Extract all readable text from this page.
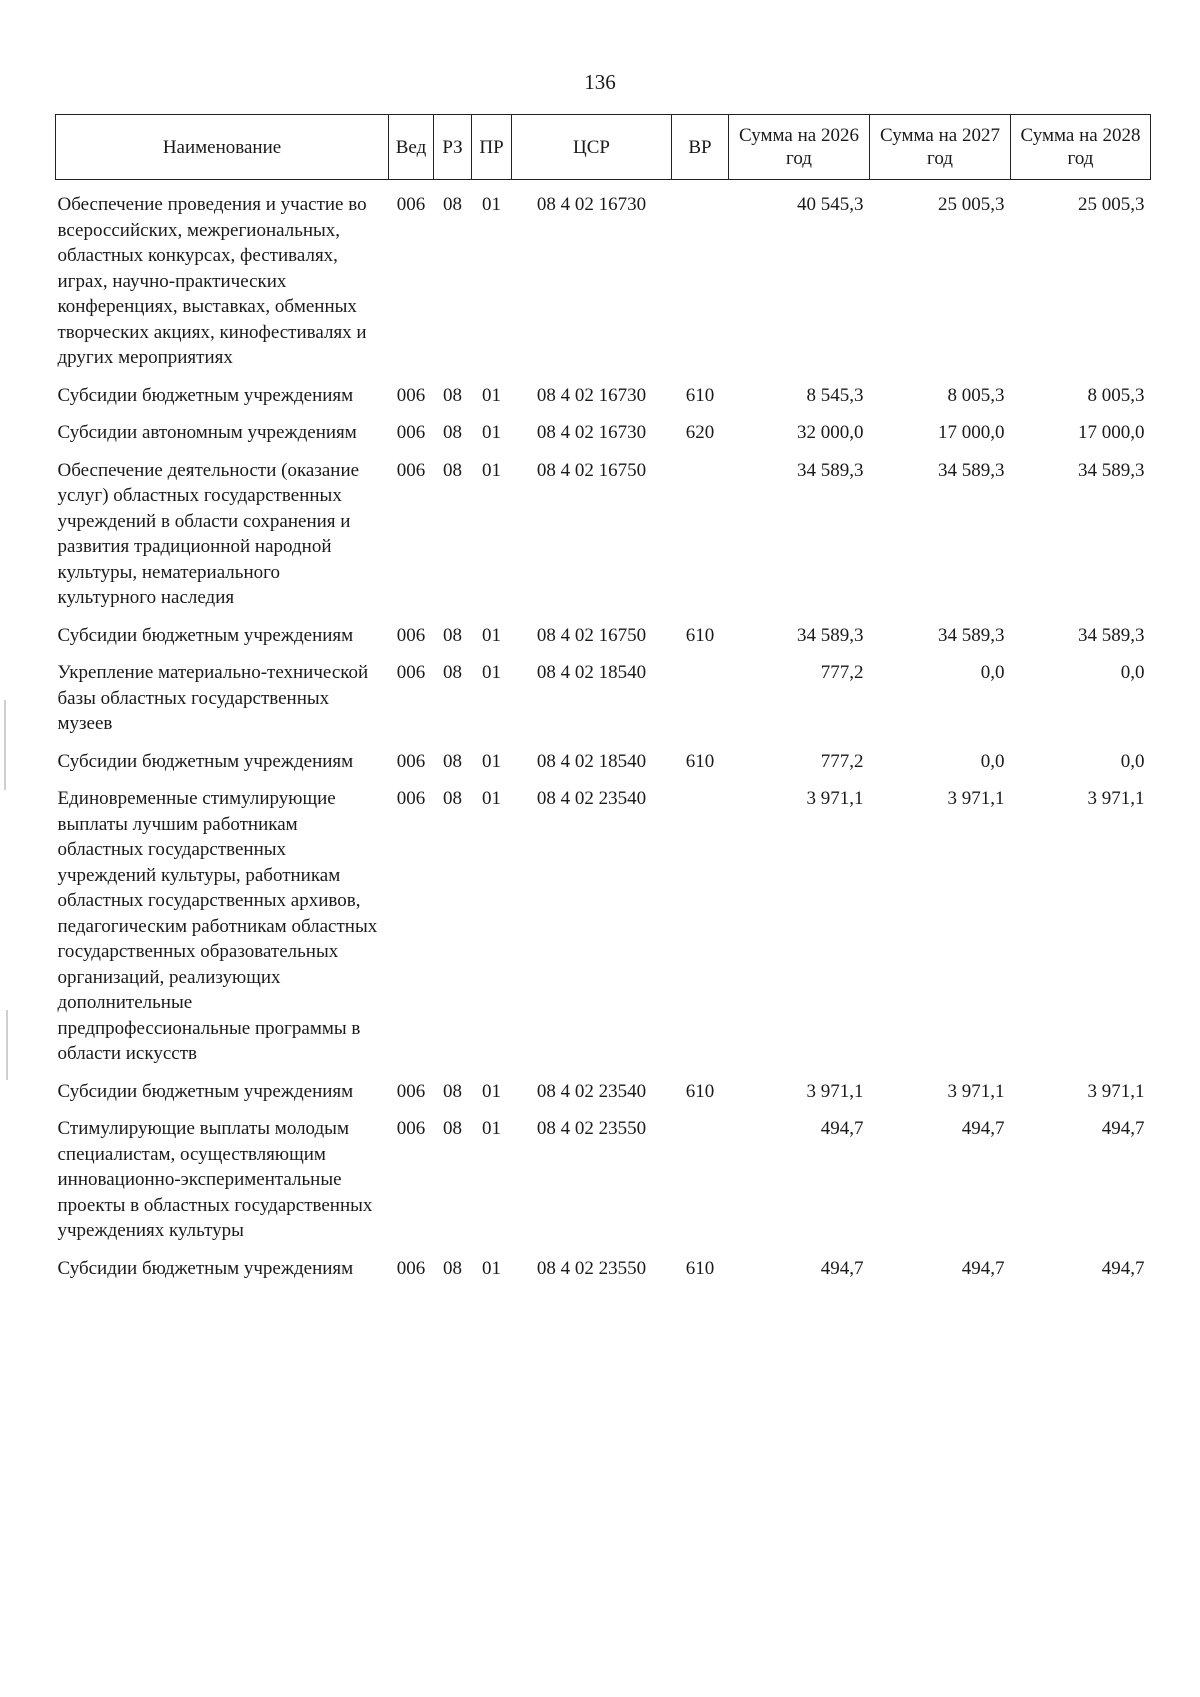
136
Наименование	Вед	РЗ	ПР	ЦСР	ВР	Сумма на 2026 год	Сумма на 2027 год	Сумма на 2028 год
Обеспечение проведения и участие во всероссийских, межрегиональных, областных конкурсах, фестивалях, играх, научно-практических конференциях, выставках, обменных творческих акциях, кинофестивалях и других мероприятиях	006	08	01	08 4 02 16730		40 545,3	25 005,3	25 005,3
Субсидии бюджетным учреждениям	006	08	01	08 4 02 16730	610	8 545,3	8 005,3	8 005,3
Субсидии автономным учреждениям	006	08	01	08 4 02 16730	620	32 000,0	17 000,0	17 000,0
Обеспечение деятельности (оказание услуг) областных государственных учреждений в области сохранения и развития традиционной народной культуры, нематериального культурного наследия	006	08	01	08 4 02 16750		34 589,3	34 589,3	34 589,3
Субсидии бюджетным учреждениям	006	08	01	08 4 02 16750	610	34 589,3	34 589,3	34 589,3
Укрепление материально-технической базы областных государственных музеев	006	08	01	08 4 02 18540		777,2	0,0	0,0
Субсидии бюджетным учреждениям	006	08	01	08 4 02 18540	610	777,2	0,0	0,0
Единовременные стимулирующие выплаты лучшим работникам областных государственных учреждений культуры, работникам областных государственных архивов, педагогическим работникам областных государственных образовательных организаций, реализующих дополнительные предпрофессиональные программы в области искусств	006	08	01	08 4 02 23540		3 971,1	3 971,1	3 971,1
Субсидии бюджетным учреждениям	006	08	01	08 4 02 23540	610	3 971,1	3 971,1	3 971,1
Стимулирующие выплаты молодым специалистам, осуществляющим инновационно-экспериментальные проекты в областных государственных учреждениях культуры	006	08	01	08 4 02 23550		494,7	494,7	494,7
Субсидии бюджетным учреждениям	006	08	01	08 4 02 23550	610	494,7	494,7	494,7
